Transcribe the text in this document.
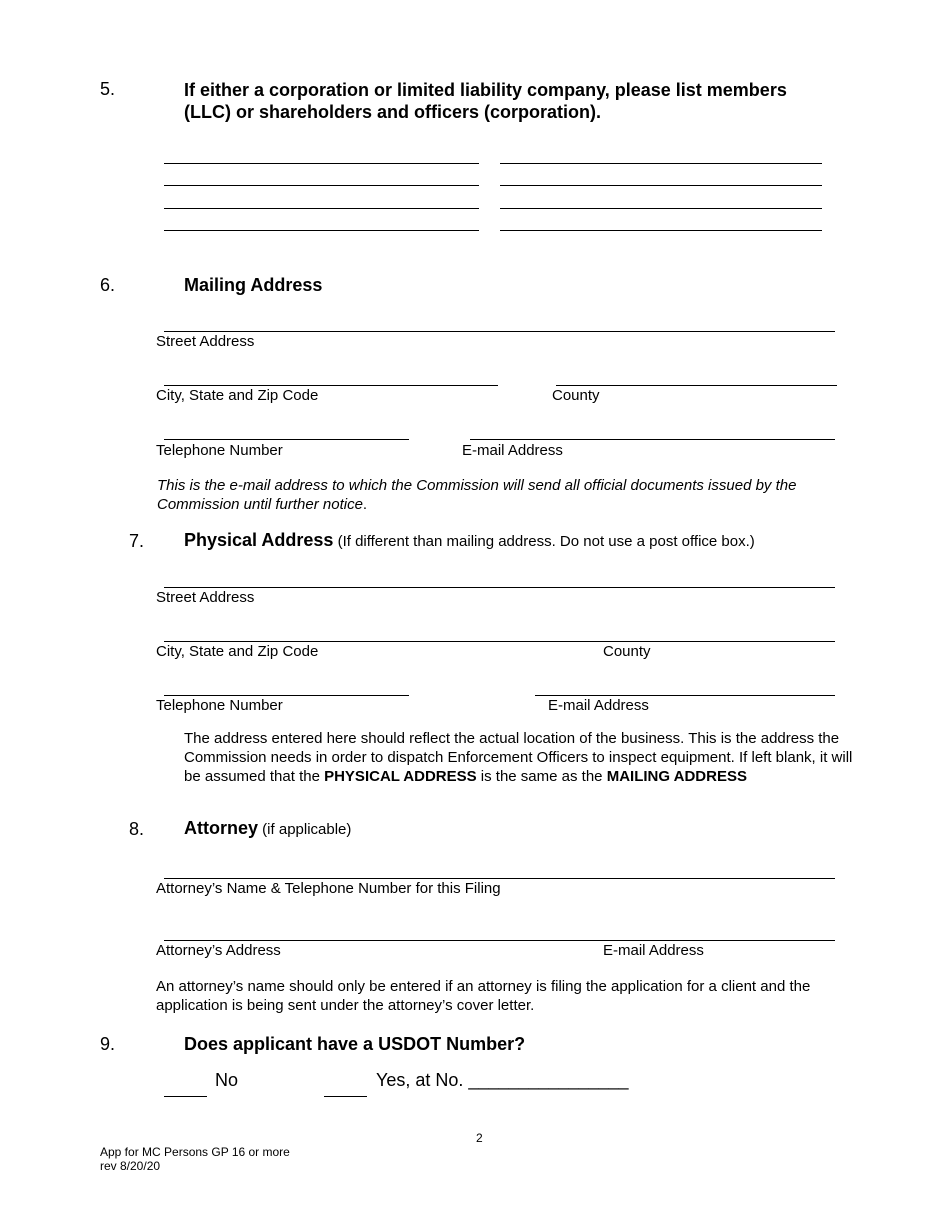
5.	If either a corporation or limited liability company, please list members
(LLC) or shareholders and officers (corporation).
6.	Mailing Address
Street Address
City, State and Zip Code	County
Telephone Number	E-mail Address
This is the e-mail address to which the Commission will send all official documents issued by the Commission until further notice.
7. Physical Address (If different than mailing address. Do not use a post office box.)
Street Address
City, State and Zip Code	County
Telephone Number	E-mail Address
The address entered here should reflect the actual location of the business. This is the address the Commission needs in order to dispatch Enforcement Officers to inspect equipment. If left blank, it will be assumed that the PHYSICAL ADDRESS is the same as the MAILING ADDRESS
8. Attorney (if applicable)
Attorney’s Name & Telephone Number for this Filing
Attorney’s Address	E-mail Address
An attorney’s name should only be entered if an attorney is filing the application for a client and the application is being sent under the attorney’s cover letter.
9.	Does applicant have a USDOT Number?
No	Yes, at No. ________________
2
App for MC Persons GP 16 or more
rev 8/20/20
